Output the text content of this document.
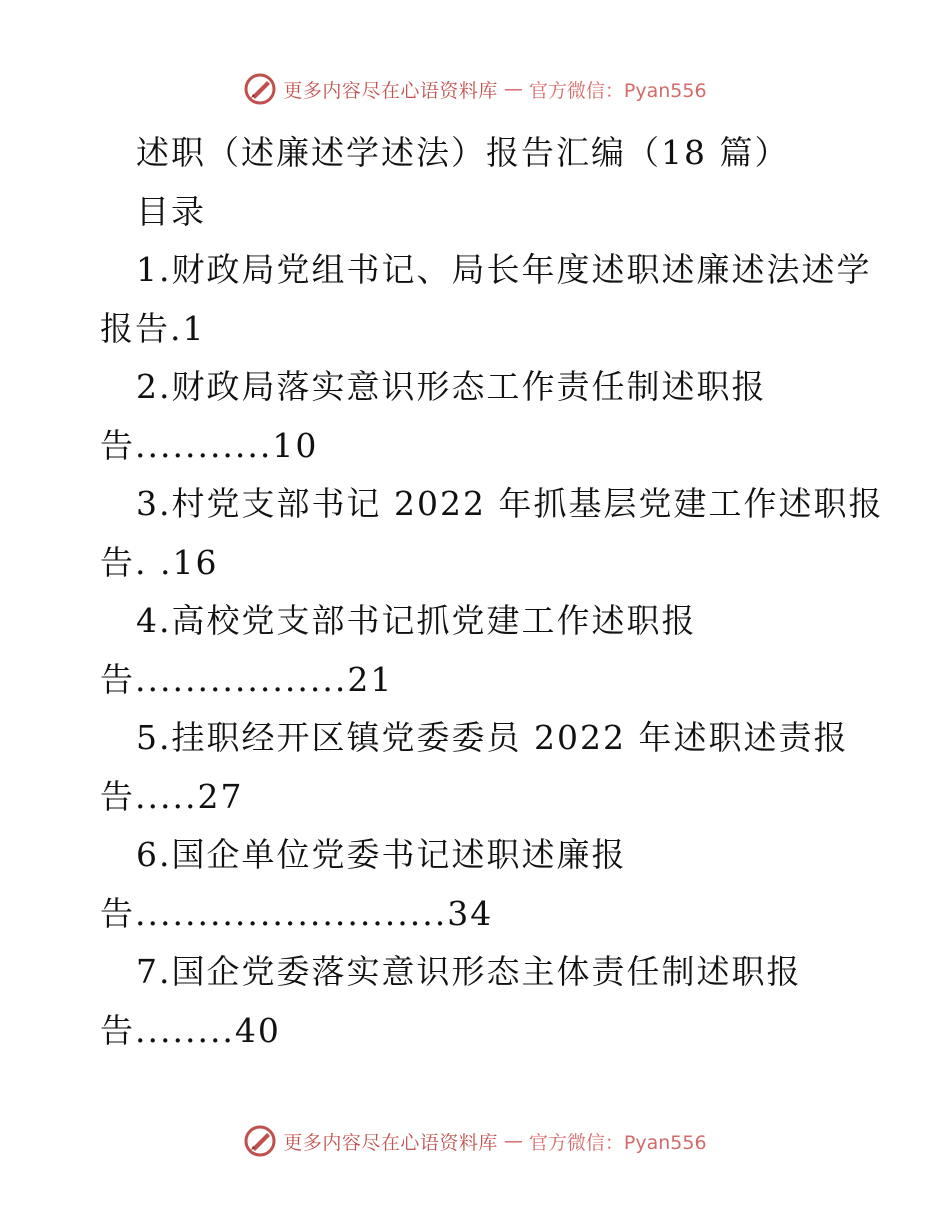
更多内容尽在心语资料库 — 官方微信：Pyan556
述职（述廉述学述法）报告汇编（18 篇）
目录
1.财政局党组书记、局长年度述职述廉述法述学
报告.1
2.财政局落实意识形态工作责任制述职报
告...........10
3.村党支部书记 2022 年抓基层党建工作述职报
告. .16
4.高校党支部书记抓党建工作述职报
告.................21
5.挂职经开区镇党委委员 2022 年述职述责报
告.....27
6.国企单位党委书记述职述廉报
告.........................34
7.国企党委落实意识形态主体责任制述职报
告........40
更多内容尽在心语资料库 — 官方微信：Pyan556
